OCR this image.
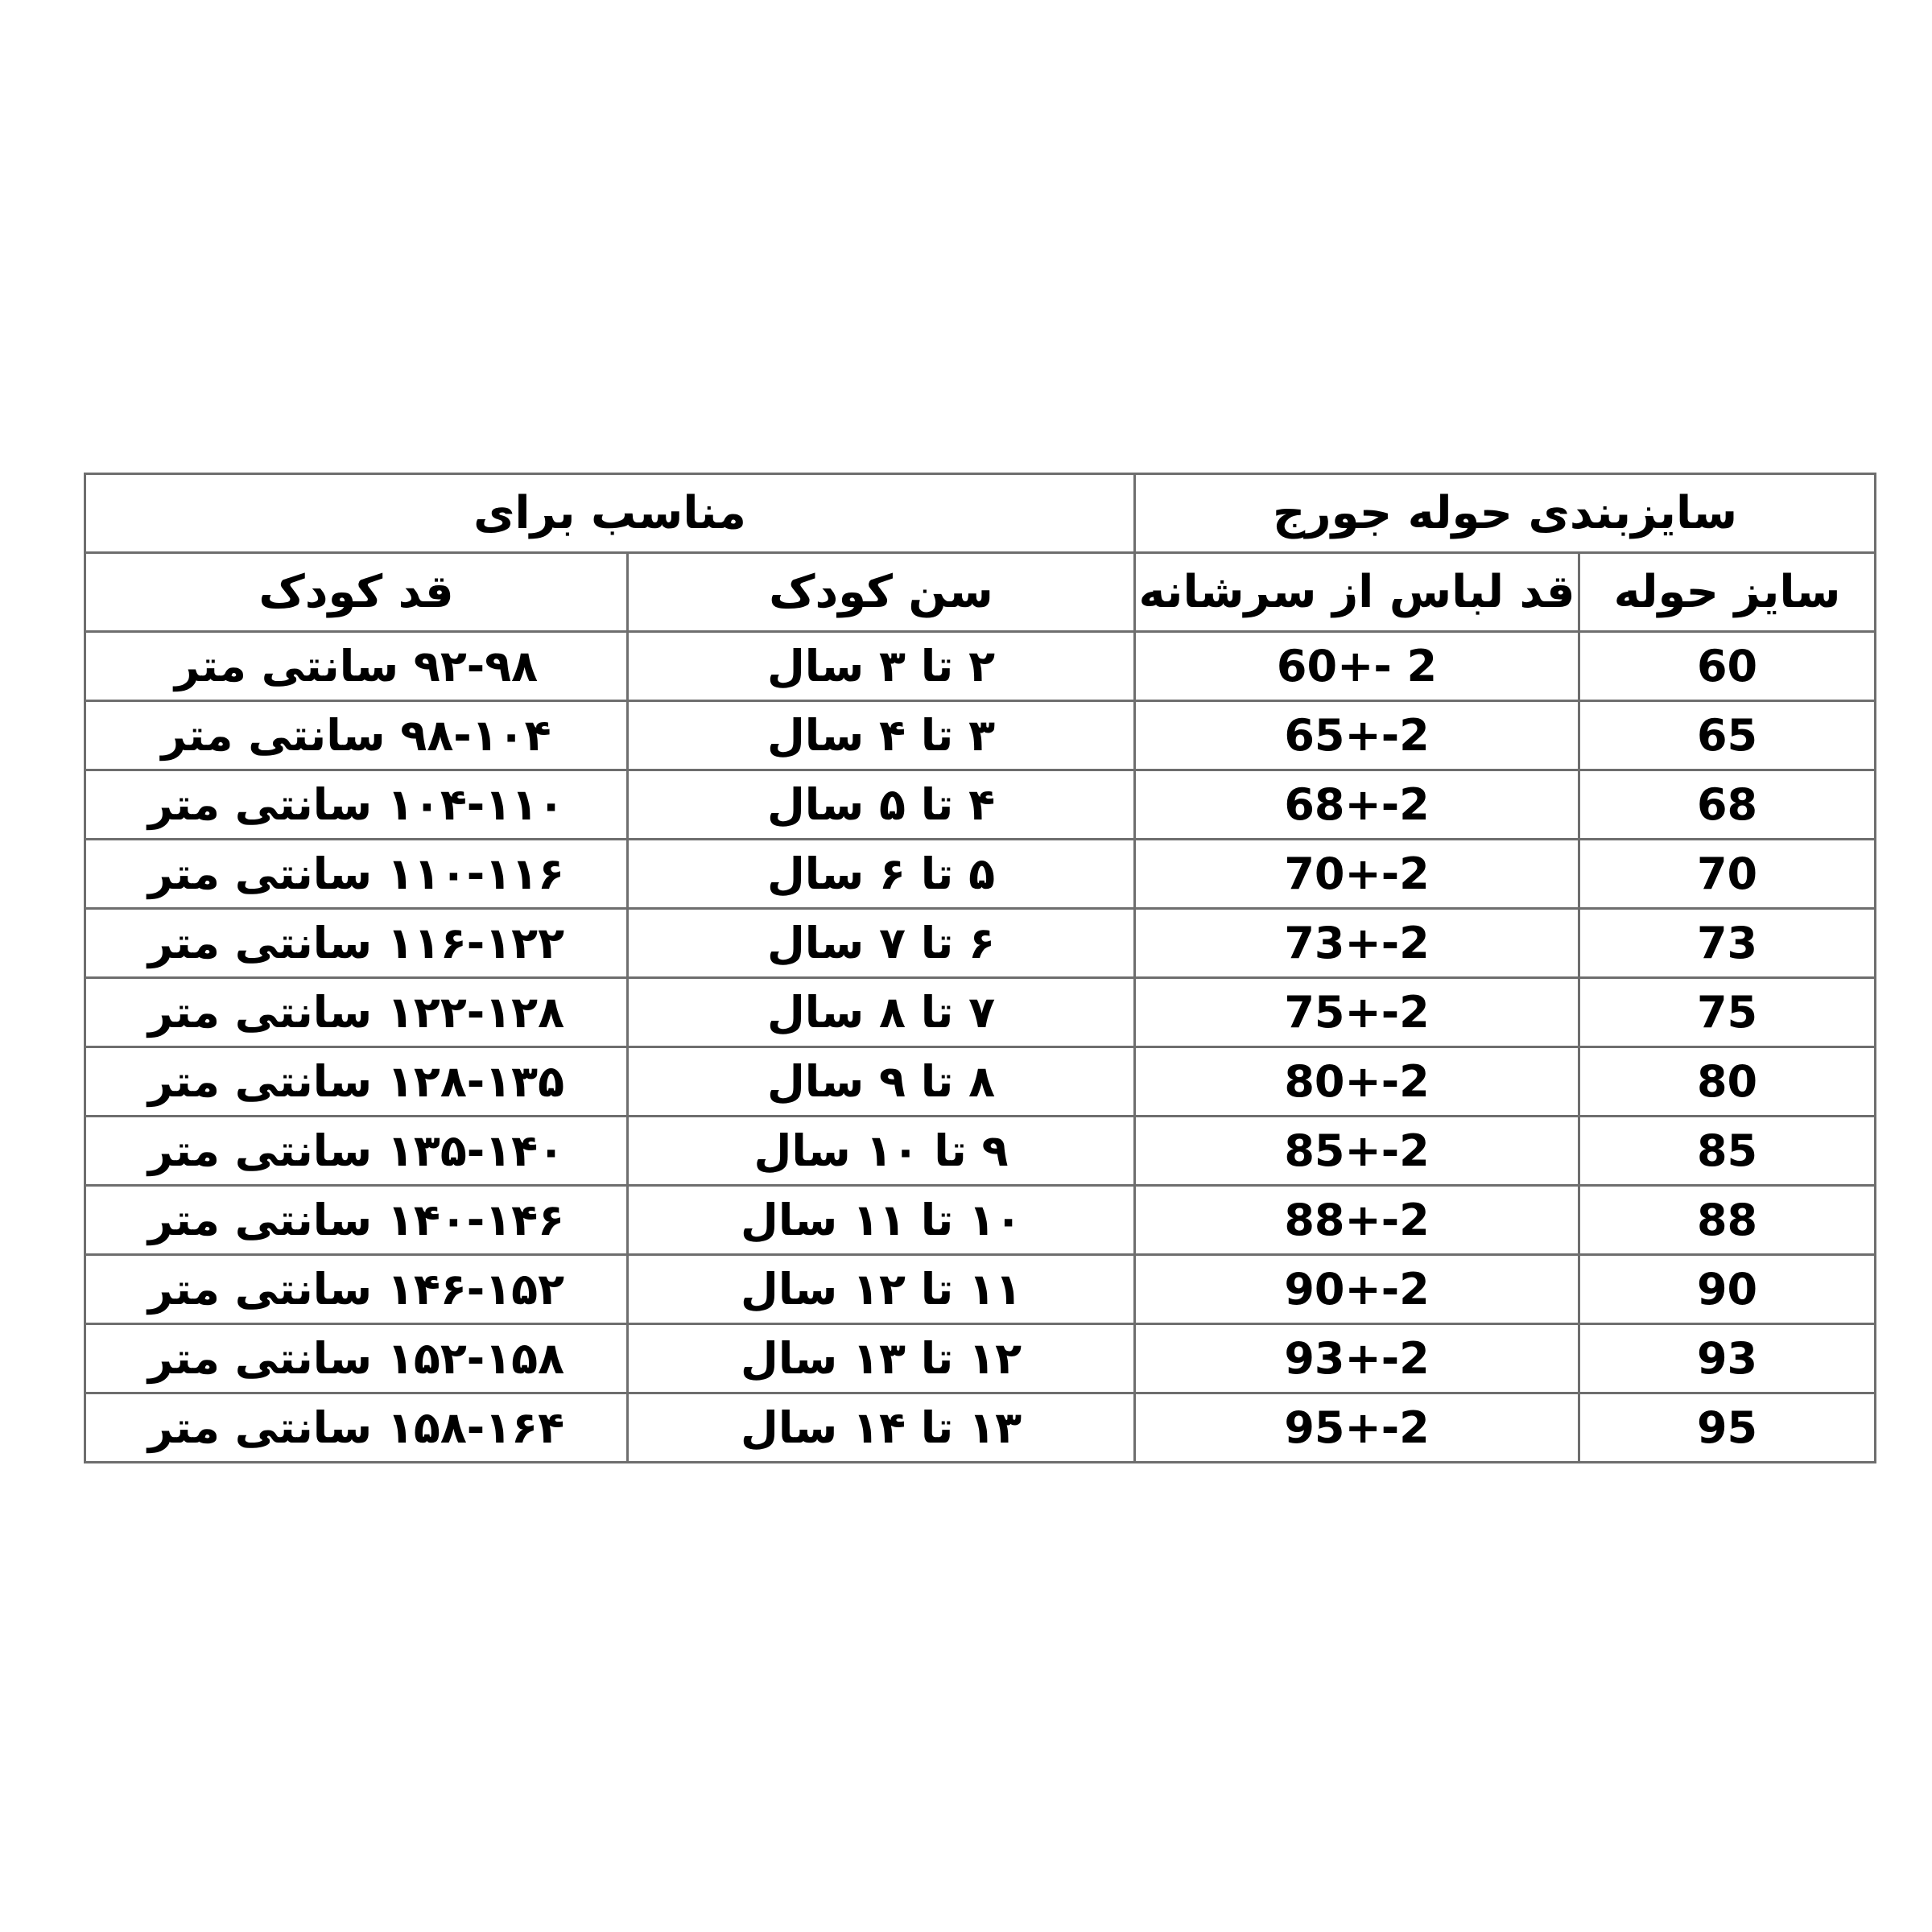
سایزبندی حوله جورج		مناسب برای	
سایز حوله	قد لباس از سرشانه	سن کودک	قد کودک
60	60+- 2	۲ تا ۳ سال	۹۲-۹۸ سانتی متر
65	65+-2	۳ تا ۴ سال	۹۸-۱۰۴ سانتی متر
68	68+-2	۴ تا ۵ سال	۱۰۴-۱۱۰ سانتی متر
70	70+-2	۵ تا ۶ سال	۱۱۰-۱۱۶ سانتی متر
73	73+-2	۶ تا ۷ سال	۱۱۶-۱۲۲ سانتی متر
75	75+-2	۷ تا ۸ سال	۱۲۲-۱۲۸ سانتی متر
80	80+-2	۸ تا ۹ سال	۱۲۸-۱۳۵ سانتی متر
85	85+-2	۹ تا ۱۰ سال	۱۳۵-۱۴۰ سانتی متر
88	88+-2	۱۰ تا ۱۱ سال	۱۴۰-۱۴۶ سانتی متر
90	90+-2	۱۱ تا ۱۲ سال	۱۴۶-۱۵۲ سانتی متر
93	93+-2	۱۲ تا ۱۳ سال	۱۵۲-۱۵۸ سانتی متر
95	95+-2	۱۳ تا ۱۴ سال	۱۵۸-۱۶۴ سانتی متر
